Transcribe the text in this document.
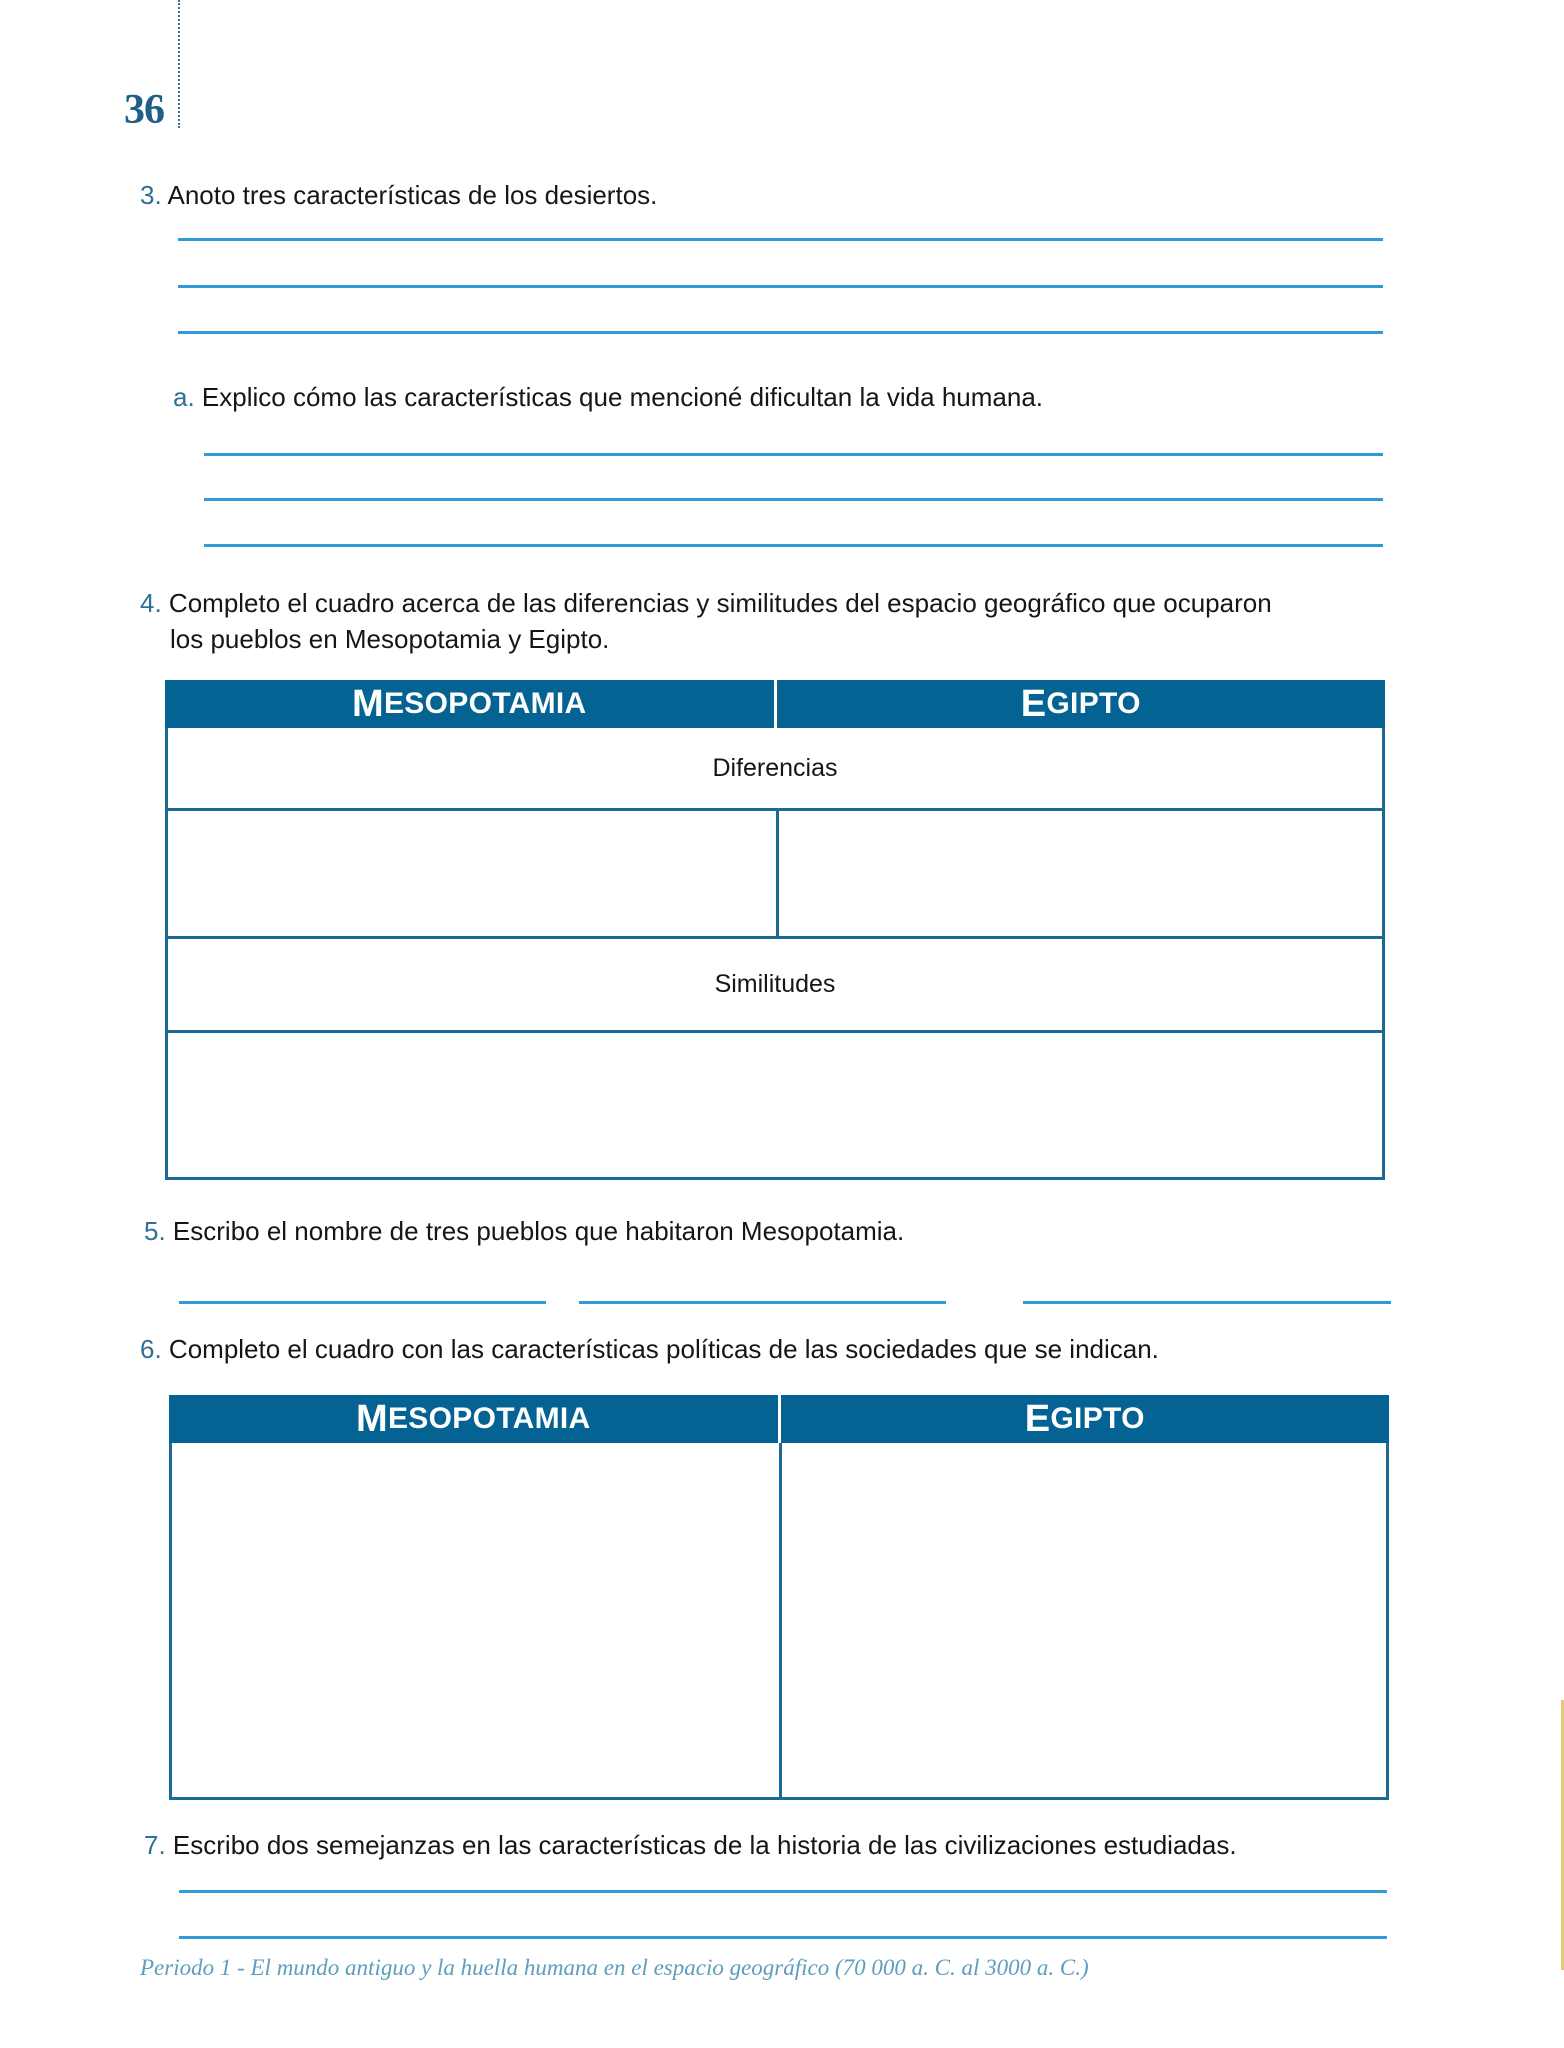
36
3. Anoto tres características de los desiertos.
a. Explico cómo las características que mencioné dificultan la vida humana.
4. Completo el cuadro acerca de las diferencias y similitudes del espacio geográfico que ocuparon
los pueblos en Mesopotamia y Egipto.
M ESOPOTAMIA	E GIPTO
Diferencias
Similitudes
5. Escribo el nombre de tres pueblos que habitaron Mesopotamia.
6. Completo el cuadro con las características políticas de las sociedades que se indican.
M ESOPOTAMIA	E GIPTO
7. Escribo dos semejanzas en las características de la historia de las civilizaciones estudiadas.
Periodo 1 - El mundo antiguo y la huella humana en el espacio geográfico (70 000 a. C. al 3000 a. C.)
